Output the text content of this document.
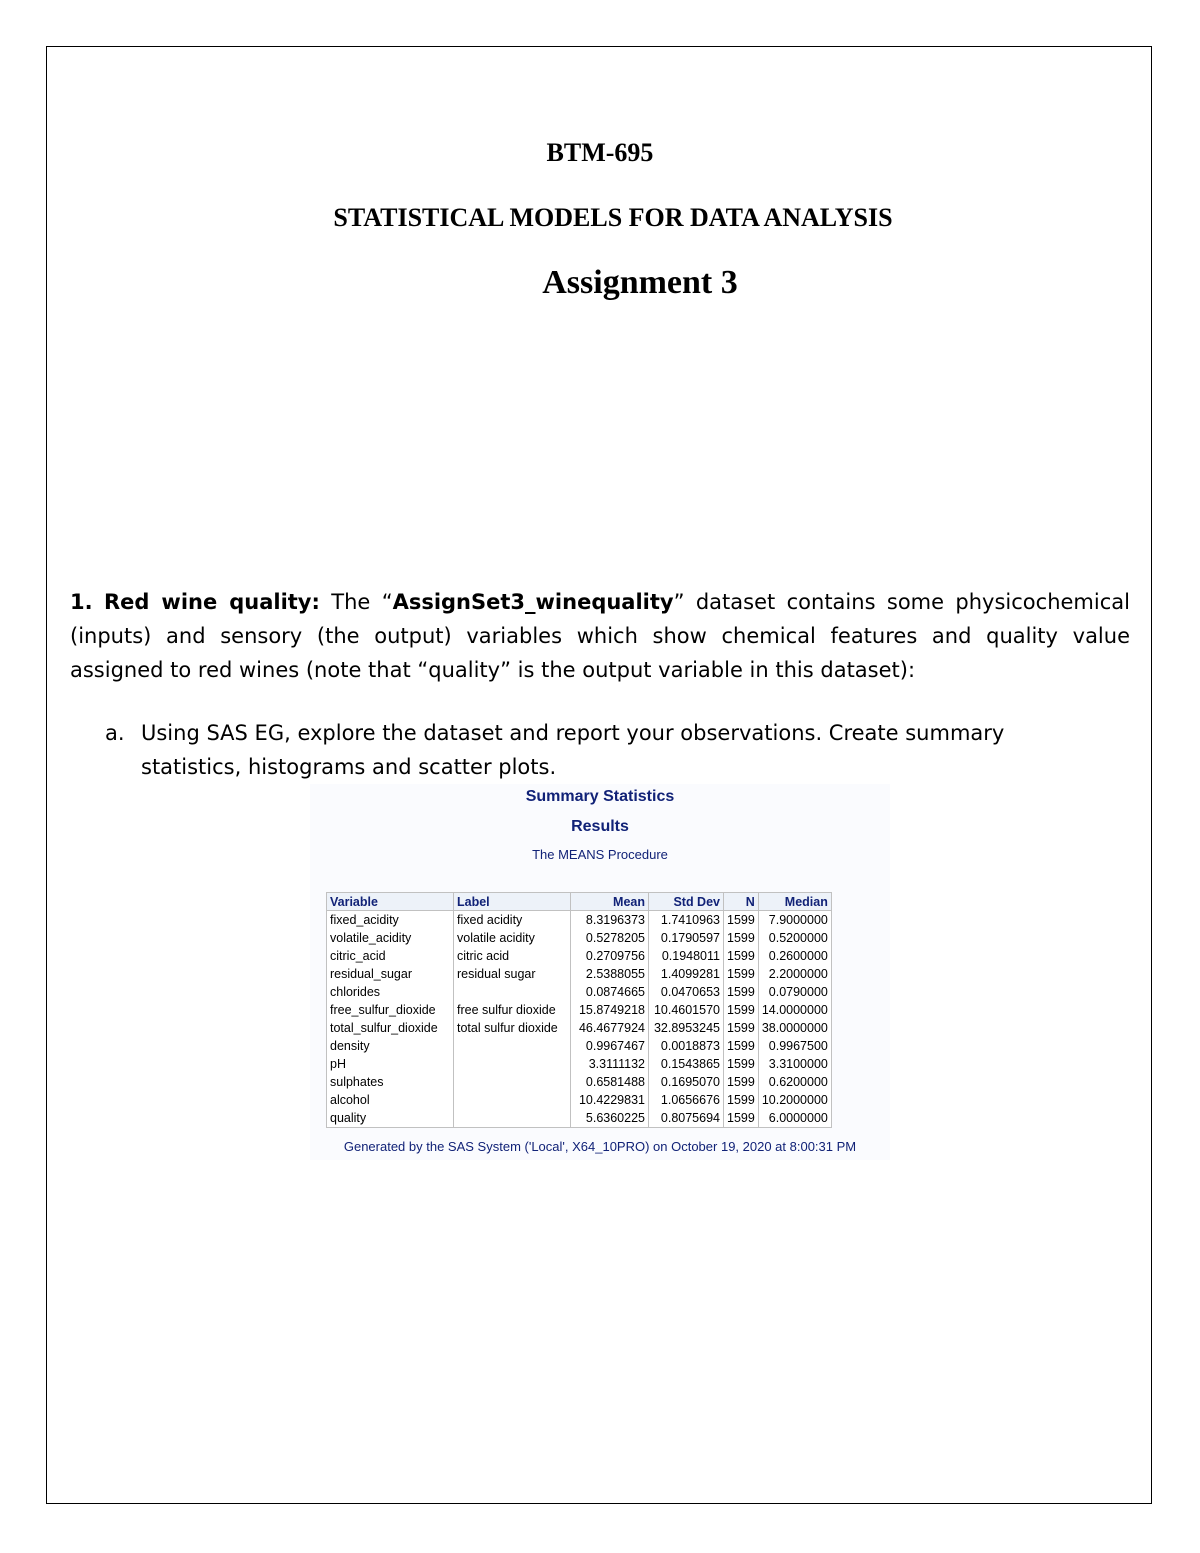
BTM-695
STATISTICAL MODELS FOR DATA ANALYSIS
Assignment 3
1. Red wine quality: The “AssignSet3_winequality” dataset contains some physicochemical (inputs) and sensory (the output) variables which show chemical features and quality value assigned to red wines (note that “quality” is the output variable in this dataset):
a. Using SAS EG, explore the dataset and report your observations. Create summary statistics, histograms and scatter plots.
Summary Statistics
Results
The MEANS Procedure
Variable	Label	Mean	Std Dev	N	Median
fixed_acidity	fixed acidity	8.3196373	1.7410963	1599	7.9000000
volatile_acidity	volatile acidity	0.5278205	0.1790597	1599	0.5200000
citric_acid	citric acid	0.2709756	0.1948011	1599	0.2600000
residual_sugar	residual sugar	2.5388055	1.4099281	1599	2.2000000
chlorides		0.0874665	0.0470653	1599	0.0790000
free_sulfur_dioxide	free sulfur dioxide	15.8749218	10.4601570	1599	14.0000000
total_sulfur_dioxide	total sulfur dioxide	46.4677924	32.8953245	1599	38.0000000
density		0.9967467	0.0018873	1599	0.9967500
pH		3.3111132	0.1543865	1599	3.3100000
sulphates		0.6581488	0.1695070	1599	0.6200000
alcohol		10.4229831	1.0656676	1599	10.2000000
quality		5.6360225	0.8075694	1599	6.0000000
Generated by the SAS System ('Local', X64_10PRO) on October 19, 2020 at 8:00:31 PM
